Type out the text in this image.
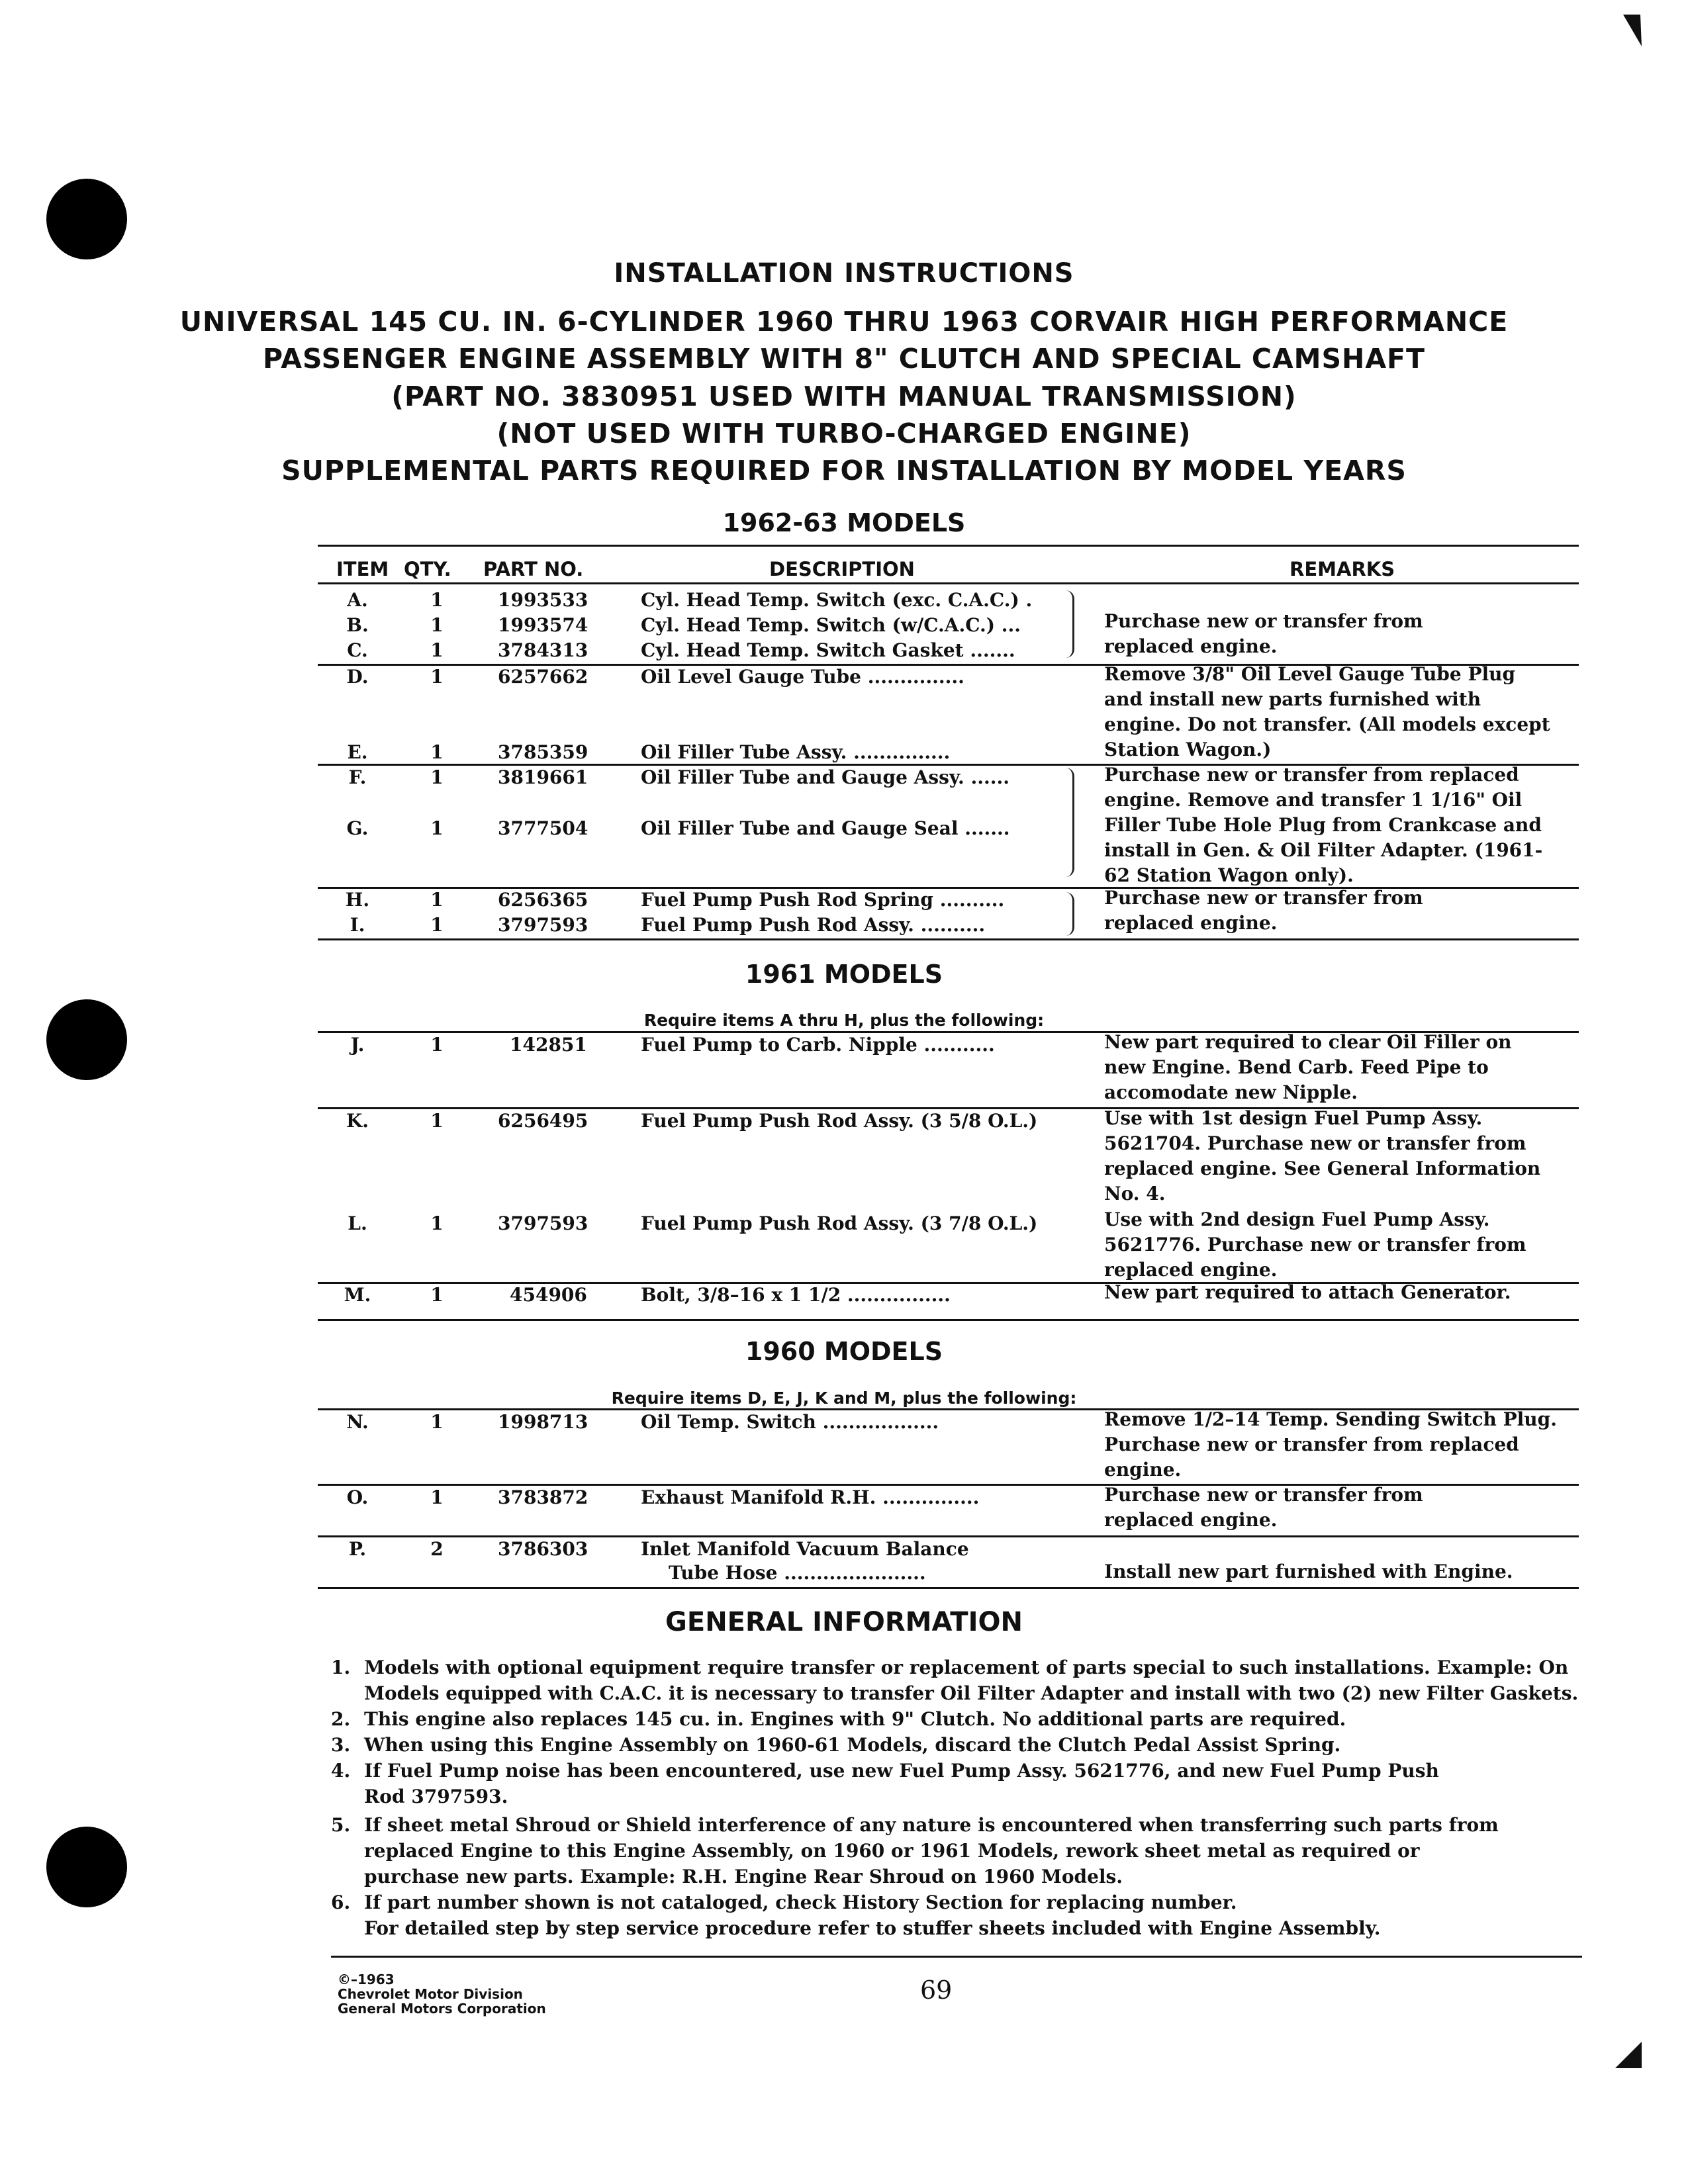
INSTALLATION INSTRUCTIONS
UNIVERSAL 145 CU. IN. 6-CYLINDER 1960 THRU 1963 CORVAIR HIGH PERFORMANCE
PASSENGER ENGINE ASSEMBLY WITH 8" CLUTCH AND SPECIAL CAMSHAFT
(PART NO. 3830951 USED WITH MANUAL TRANSMISSION)
(NOT USED WITH TURBO-CHARGED ENGINE)
SUPPLEMENTAL PARTS REQUIRED FOR INSTALLATION BY MODEL YEARS
1962-63 MODELS
ITEM QTY. PART NO.	DESCRIPTION	REMARKS
A.	1	1993533	Cyl. Head Temp. Switch (exc. C.A.C.) .
B.	1	1993574	Cyl. Head Temp. Switch (w/C.A.C.) ...
C.	1	3784313	Cyl. Head Temp. Switch Gasket .......
Purchase new or transfer from replaced engine.
D.	1	6257662	Oil Level Gauge Tube ...............
E.	1	3785359	Oil Filler Tube Assy. ...............
Remove 3/8" Oil Level Gauge Tube Plug and install new parts furnished with engine. Do not transfer. (All models except Station Wagon.)
F.	1	3819661	Oil Filler Tube and Gauge Assy. ......
G.	1	3777504	Oil Filler Tube and Gauge Seal .......
Purchase new or transfer from replaced engine. Remove and transfer 1 1/16" Oil Filler Tube Hole Plug from Crankcase and install in Gen. & Oil Filter Adapter. (1961-62 Station Wagon only).
H.	1	6256365	Fuel Pump Push Rod Spring ..........
I.	1	3797593	Fuel Pump Push Rod Assy. ..........
Purchase new or transfer from replaced engine.
1961 MODELS
Require items A thru H, plus the following:
J.	1	142851	Fuel Pump to Carb. Nipple ...........	New part required to clear Oil Filler on new Engine. Bend Carb. Feed Pipe to accomodate new Nipple.
K.	1	6256495	Fuel Pump Push Rod Assy. (3 5/8 O.L.)	Use with 1st design Fuel Pump Assy. 5621704. Purchase new or transfer from replaced engine. See General Information No. 4.
L.	1	3797593	Fuel Pump Push Rod Assy. (3 7/8 O.L.)	Use with 2nd design Fuel Pump Assy. 5621776. Purchase new or transfer from replaced engine.
M.	1	454906	Bolt, 3/8–16 x 1 1/2 ................	New part required to attach Generator.
1960 MODELS
Require items D, E, J, K and M, plus the following:
N.	1	1998713	Oil Temp. Switch ..................	Remove 1/2–14 Temp. Sending Switch Plug. Purchase new or transfer from replaced engine.
O.	1	3783872	Exhaust Manifold R.H. ...............	Purchase new or transfer from replaced engine.
P.	2	3786303	Inlet Manifold Vacuum Balance
Tube Hose ......................	Install new part furnished with Engine.
GENERAL INFORMATION
1. Models with optional equipment require transfer or replacement of parts special to such installations. Example: On Models equipped with C.A.C. it is necessary to transfer Oil Filter Adapter and install with two (2) new Filter Gaskets.
2. This engine also replaces 145 cu. in. Engines with 9" Clutch. No additional parts are required.
3. When using this Engine Assembly on 1960-61 Models, discard the Clutch Pedal Assist Spring.
4. If Fuel Pump noise has been encountered, use new Fuel Pump Assy. 5621776, and new Fuel Pump Push Rod 3797593.
5. If sheet metal Shroud or Shield interference of any nature is encountered when transferring such parts from replaced Engine to this Engine Assembly, on 1960 or 1961 Models, rework sheet metal as required or purchase new parts. Example: R.H. Engine Rear Shroud on 1960 Models.
6. If part number shown is not cataloged, check History Section for replacing number.
For detailed step by step service procedure refer to stuffer sheets included with Engine Assembly.
©–1963
Chevrolet Motor Division
General Motors Corporation
69
